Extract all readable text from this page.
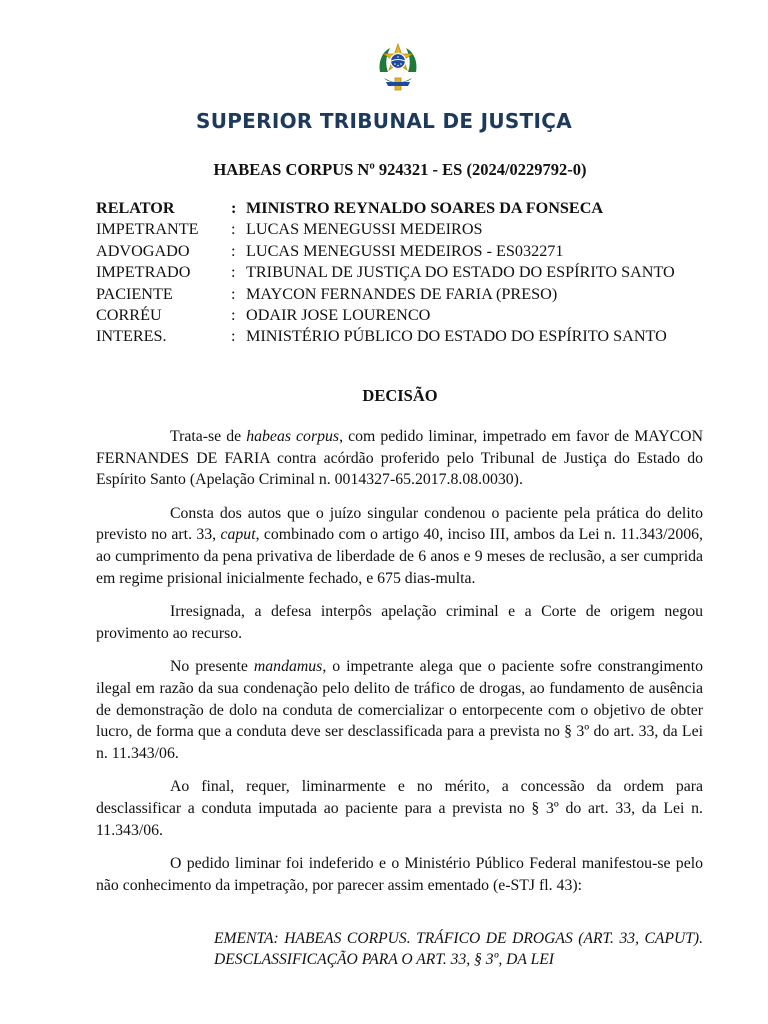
SUPERIOR TRIBUNAL DE JUSTIÇA
HABEAS CORPUS Nº 924321 - ES (2024/0229792-0)
RELATOR	: MINISTRO REYNALDO SOARES DA FONSECA
IMPETRANTE	: LUCAS MENEGUSSI MEDEIROS
ADVOGADO	: LUCAS MENEGUSSI MEDEIROS - ES032271
IMPETRADO	: TRIBUNAL DE JUSTIÇA DO ESTADO DO ESPÍRITO SANTO
PACIENTE	: MAYCON FERNANDES DE FARIA (PRESO)
CORRÉU	: ODAIR JOSE LOURENCO
INTERES.	: MINISTÉRIO PÚBLICO DO ESTADO DO ESPÍRITO SANTO
DECISÃO

Trata-se de habeas corpus, com pedido liminar, impetrado em favor de MAYCON FERNANDES DE FARIA contra acórdão proferido pelo Tribunal de Justiça do Estado do Espírito Santo (Apelação Criminal n. 0014327-65.2017.8.08.0030).

Consta dos autos que o juízo singular condenou o paciente pela prática do delito previsto no art. 33, caput, combinado com o artigo 40, inciso III, ambos da Lei n. 11.343/2006, ao cumprimento da pena privativa de liberdade de 6 anos e 9 meses de reclusão, a ser cumprida em regime prisional inicialmente fechado, e 675 dias-multa.

Irresignada, a defesa interpôs apelação criminal e a Corte de origem negou provimento ao recurso.

No presente mandamus, o impetrante alega que o paciente sofre constrangimento ilegal em razão da sua condenação pelo delito de tráfico de drogas, ao fundamento de ausência de demonstração de dolo na conduta de comercializar o entorpecente com o objetivo de obter lucro, de forma que a conduta deve ser desclassificada para a prevista no § 3º do art. 33, da Lei n. 11.343/06.

Ao final, requer, liminarmente e no mérito, a concessão da ordem para desclassificar a conduta imputada ao paciente para a prevista no § 3º do art. 33, da Lei n. 11.343/06.

O pedido liminar foi indeferido e o Ministério Público Federal manifestou-se pelo não conhecimento da impetração, por parecer assim ementado (e-STJ fl. 43):

EMENTA: HABEAS CORPUS. TRÁFICO DE DROGAS (ART. 33, CAPUT). DESCLASSIFICAÇÃO PARA O ART. 33, § 3º, DA LEI
